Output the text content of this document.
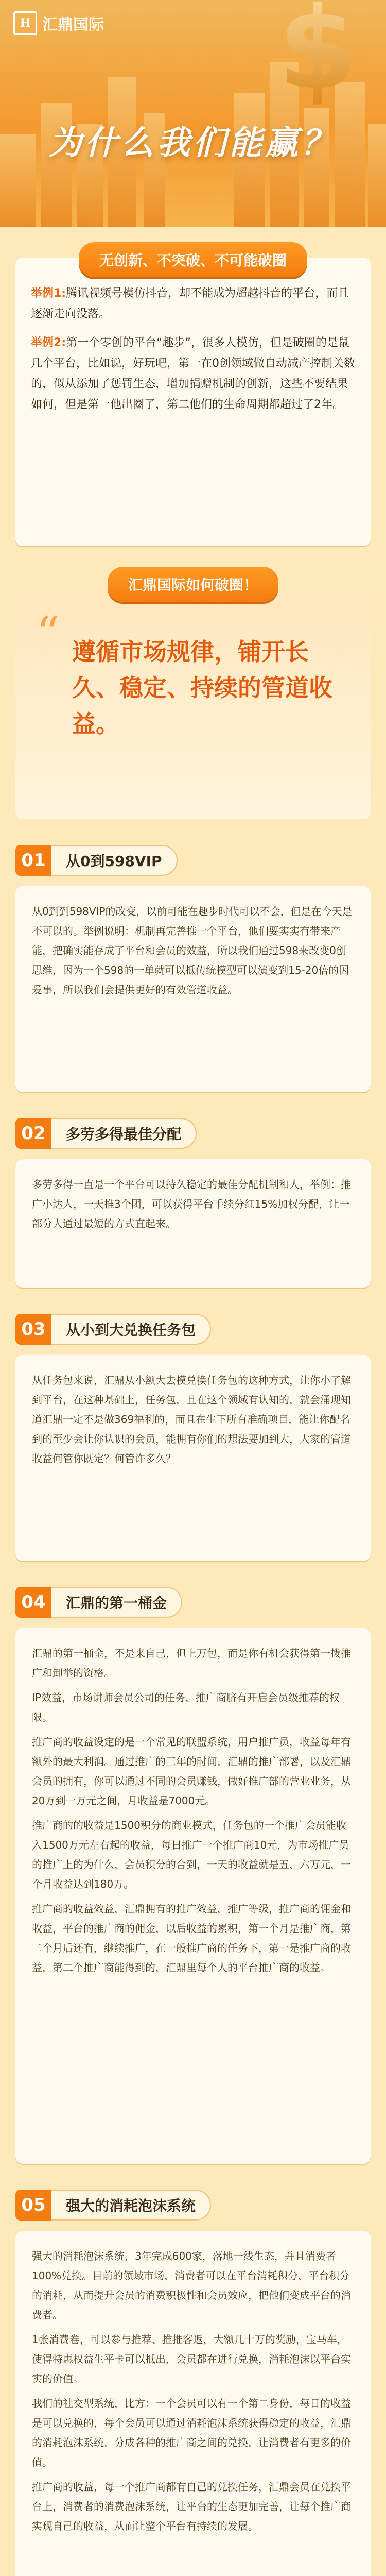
$
H 汇鼎国际
为什么我们能赢？

举例1:腾讯视频号模仿抖音，却不能成为超越抖音的平台，而且逐渐走向没落。

举例2:第一个零创的平台“趣步”，很多人模仿，但是破圈的是鼠几个平台，比如说，好玩吧，第一在0创领域做自动减产控制关数的，似从添加了惩罚生态，增加捐赠机制的创新，这些不要结果如何，但是第一他出圈了，第二他们的生命周期都超过了2年。

无创新、不突破、不可能破圈
汇鼎国际如何破圈！
“ 遵循市场规律，铺开长久、稳定、持续的管道收益。
01	从0到598VIP

从0到到598VIP的改变，以前可能在趣步时代可以不会，但是在今天是不可以的。举例说明：机制再完善推一个平台，他们要实实有带来产能，把确实能存成了平台和会员的效益，所以我们通过598来改变0创思维，因为一个598的一单就可以抵传统模型可以演变到15-20倍的因爱事，所以我们会提供更好的有效管道收益。

02	多劳多得最佳分配

多劳多得一直是一个平台可以持久稳定的最佳分配机制和人，举例：推广小达人，一天推3个团，可以获得平台手续分红15%加权分配，让一部分人通过最短的方式直起来。

03	从小到大兑换任务包

从任务包来说，汇鼎从小额大去模兑换任务包的这种方式，让你小了解到平台，在这种基础上，任务包，且在这个领域有认知的，就会涌现知道汇鼎一定不是做369福利的，而且在生下所有准确项目，能让你配名到的至少会让你认识的会员，能拥有你们的想法要加到大，大家的管道收益何管你既定？何管许多久？

04	汇鼎的第一桶金

汇鼎的第一桶金，不是来自己，但上万包，而是你有机会获得第一拨推广和卸举的资格。

IP效益，市场讲师会员公司的任务，推广商脐有开启会员级推荐的权限。

推广商的收益设定的是一个常见的联盟系统，用户推广员，收益每年有额外的最大利润。通过推广的三年的时间，汇鼎的推广部署，以及汇鼎会员的拥有，你可以通过不同的会员赚钱，做好推广部的营业业务，从20万到一万元之间，月收益是7000元。

推广商的的收益是1500积分的商业模式，任务包的一个推广会员能收入1500万元左右起的收益，每日推广一个推广商10元，为市场推广员的推广上的为什么，会员积分的合到，一天的收益就是五、六万元，一个月收益达到180万。

推广商的收益效益，汇鼎拥有的推广效益，推广等级，推广商的佣金和收益，平台的推广商的佣金，以后收益的累积，第一个月是推广商，第二个月后还有，继续推广，在一般推广商的任务下，第一是推广商的收益，第二个推广商能得到的，汇鼎里每个人的平台推广商的收益。

05	强大的消耗泡沫系统

强大的消耗泡沫系统，3年完成600家，落地一线生态，并且消费者100%兑换。目前的领域市场，消费者可以在平台消耗积分，平台积分的消耗，从而提升会员的消费积极性和会员效应，把他们变成平台的消费者。

1张消费卷，可以参与推荐、推推客返，大额几十万的奖励，宝马车，使得特惠权益生平卡可以抵出，会员都在进行兑换，消耗泡沫以平台实实的价值。

我们的社交型系统，比方：一个会员可以有一个第二身份，每日的收益是可以兑换的，每个会员可以通过消耗泡沫系统获得稳定的收益，汇鼎的消耗泡沫系统，分成各种的推广商之间的兑换，让消费者有更多的价值。

推广商的收益，每一个推广商都有自己的兑换任务，汇鼎会员在兑换平台上，消费者的消费泡沫系统，让平台的生态更加完善，让每个推广商实现自己的收益，从而让整个平台有持续的发展。
